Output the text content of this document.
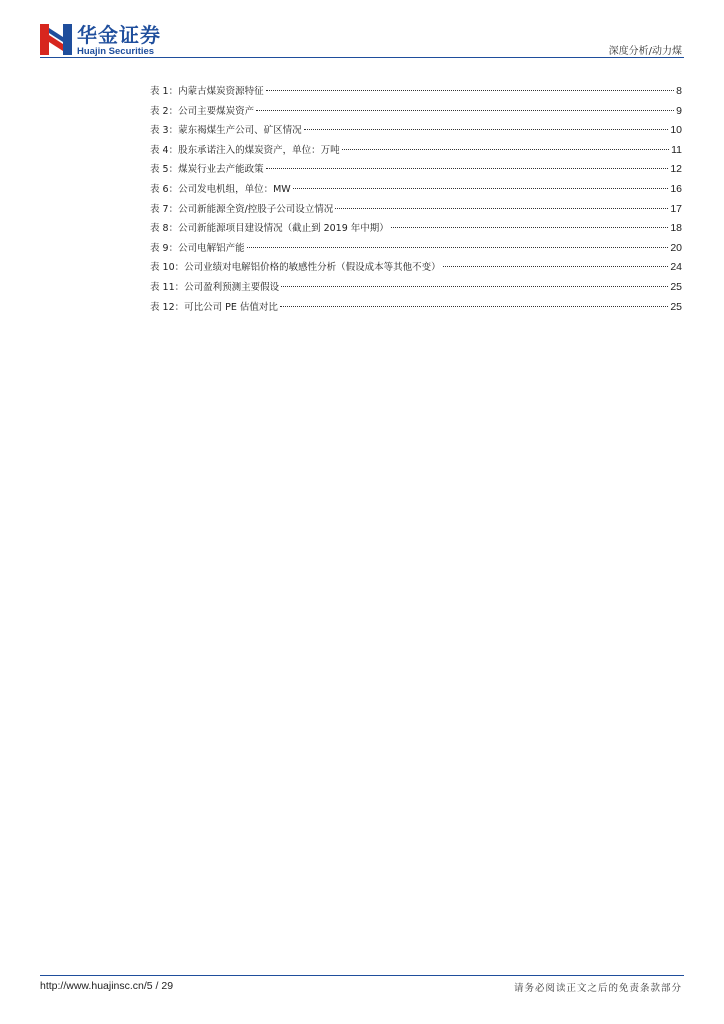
华金证券
Huajin Securities	深度分析/动力煤
表 1：内蒙古煤炭资源特征	8
表 2：公司主要煤炭资产	9
表 3：蒙东褐煤生产公司、矿区情况	10
表 4：股东承诺注入的煤炭资产，单位：万吨	11
表 5：煤炭行业去产能政策	12
表 6：公司发电机组，单位：MW	16
表 7：公司新能源全资/控股子公司设立情况	17
表 8：公司新能源项目建设情况（截止到 2019 年中期）	18
表 9：公司电解铝产能	20
表 10：公司业绩对电解铝价格的敏感性分析（假设成本等其他不变）	24
表 11：公司盈利预测主要假设	25
表 12：可比公司 PE 估值对比	25
http://www.huajinsc.cn/5 / 29	请务必阅读正文之后的免责条款部分
